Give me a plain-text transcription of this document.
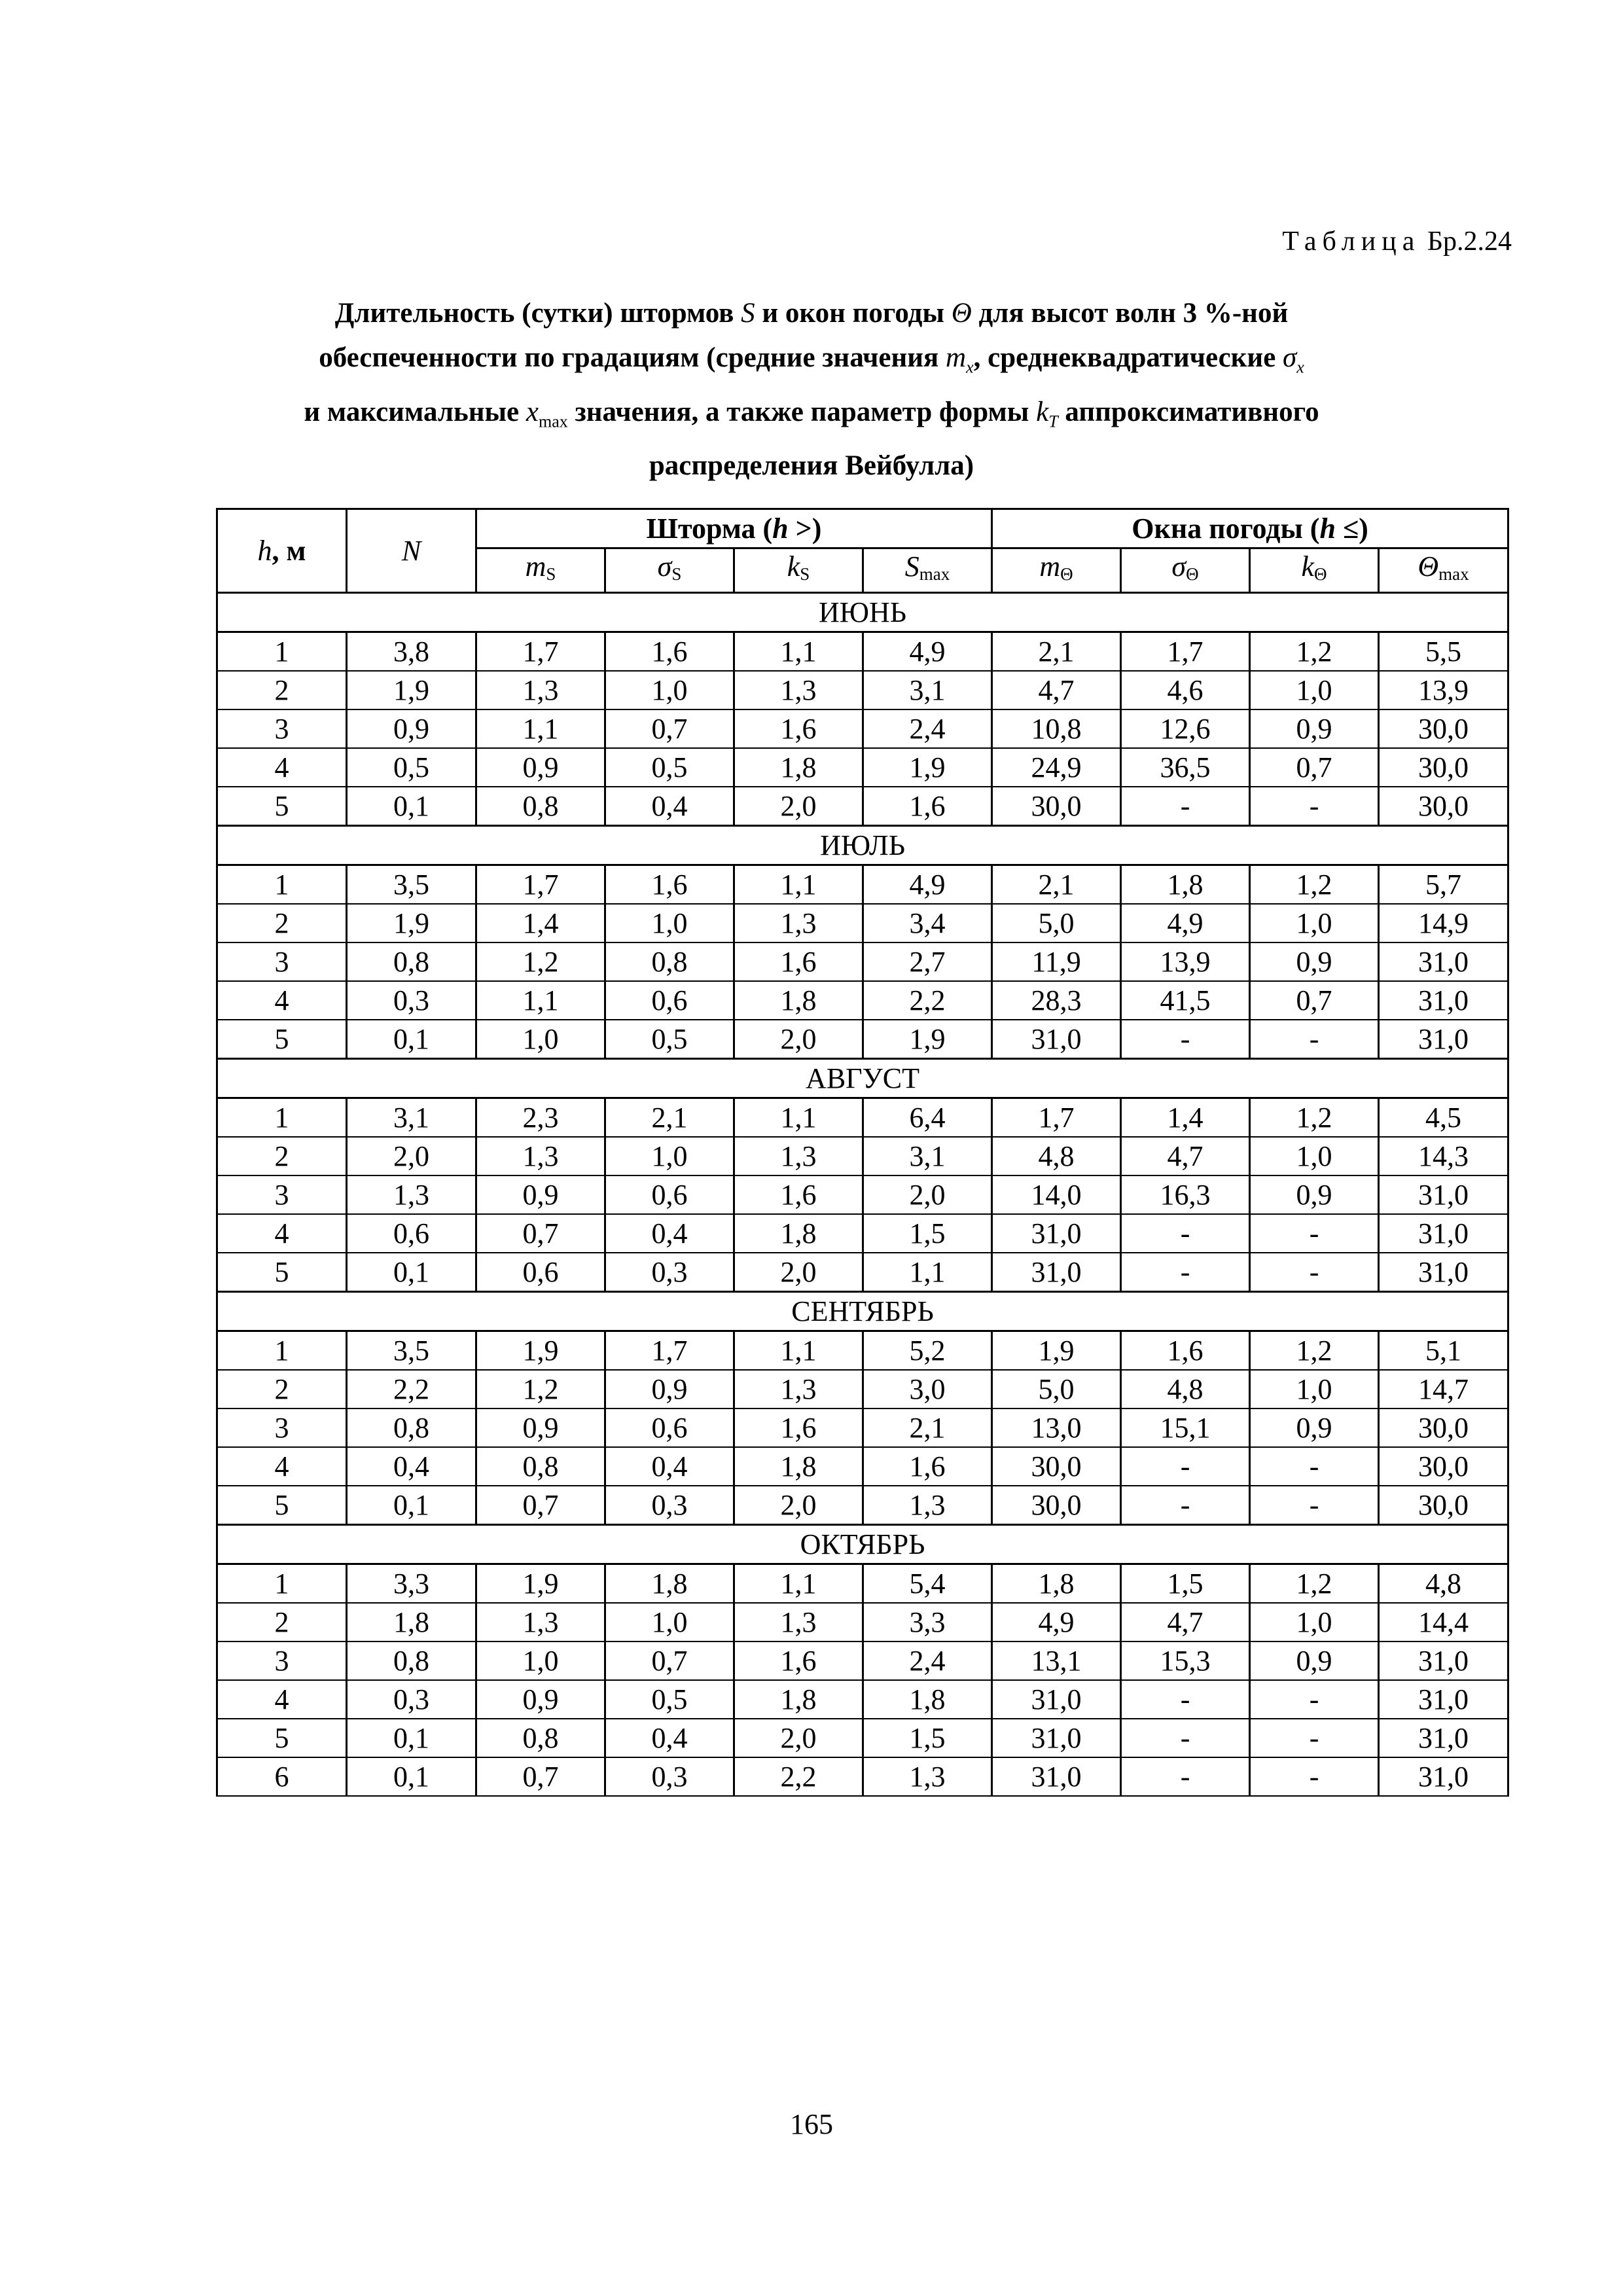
Таблица Бр.2.24
Длительность (сутки) штормов S и окон погоды Θ для высот волн 3 %-ной
обеспеченности по градациям (средние значения $m_x$, среднеквадратические $\sigma_x$
и максимальные $x_{max}$ значения, а также параметр формы $k_T$ аппроксимативного
распределения Вейбулла)
h, м	N	Шторма (h >)				Окна погоды (h ≤)			
		$m_S$	$\sigma_S$	$k_S$	$S_{max}$	$m_\Theta$	$\sigma_\Theta$	$k_\Theta$	$\Theta_{max}$
ИЮНЬ									
1	3,8	1,7	1,6	1,1	4,9	2,1	1,7	1,2	5,5
2	1,9	1,3	1,0	1,3	3,1	4,7	4,6	1,0	13,9
3	0,9	1,1	0,7	1,6	2,4	10,8	12,6	0,9	30,0
4	0,5	0,9	0,5	1,8	1,9	24,9	36,5	0,7	30,0
5	0,1	0,8	0,4	2,0	1,6	30,0	-	-	30,0
ИЮЛЬ									
1	3,5	1,7	1,6	1,1	4,9	2,1	1,8	1,2	5,7
2	1,9	1,4	1,0	1,3	3,4	5,0	4,9	1,0	14,9
3	0,8	1,2	0,8	1,6	2,7	11,9	13,9	0,9	31,0
4	0,3	1,1	0,6	1,8	2,2	28,3	41,5	0,7	31,0
5	0,1	1,0	0,5	2,0	1,9	31,0	-	-	31,0
АВГУСТ									
1	3,1	2,3	2,1	1,1	6,4	1,7	1,4	1,2	4,5
2	2,0	1,3	1,0	1,3	3,1	4,8	4,7	1,0	14,3
3	1,3	0,9	0,6	1,6	2,0	14,0	16,3	0,9	31,0
4	0,6	0,7	0,4	1,8	1,5	31,0	-	-	31,0
5	0,1	0,6	0,3	2,0	1,1	31,0	-	-	31,0
СЕНТЯБРЬ									
1	3,5	1,9	1,7	1,1	5,2	1,9	1,6	1,2	5,1
2	2,2	1,2	0,9	1,3	3,0	5,0	4,8	1,0	14,7
3	0,8	0,9	0,6	1,6	2,1	13,0	15,1	0,9	30,0
4	0,4	0,8	0,4	1,8	1,6	30,0	-	-	30,0
5	0,1	0,7	0,3	2,0	1,3	30,0	-	-	30,0
ОКТЯБРЬ									
1	3,3	1,9	1,8	1,1	5,4	1,8	1,5	1,2	4,8
2	1,8	1,3	1,0	1,3	3,3	4,9	4,7	1,0	14,4
3	0,8	1,0	0,7	1,6	2,4	13,1	15,3	0,9	31,0
4	0,3	0,9	0,5	1,8	1,8	31,0	-	-	31,0
5	0,1	0,8	0,4	2,0	1,5	31,0	-	-	31,0
6	0,1	0,7	0,3	2,2	1,3	31,0	-	-	31,0
165
